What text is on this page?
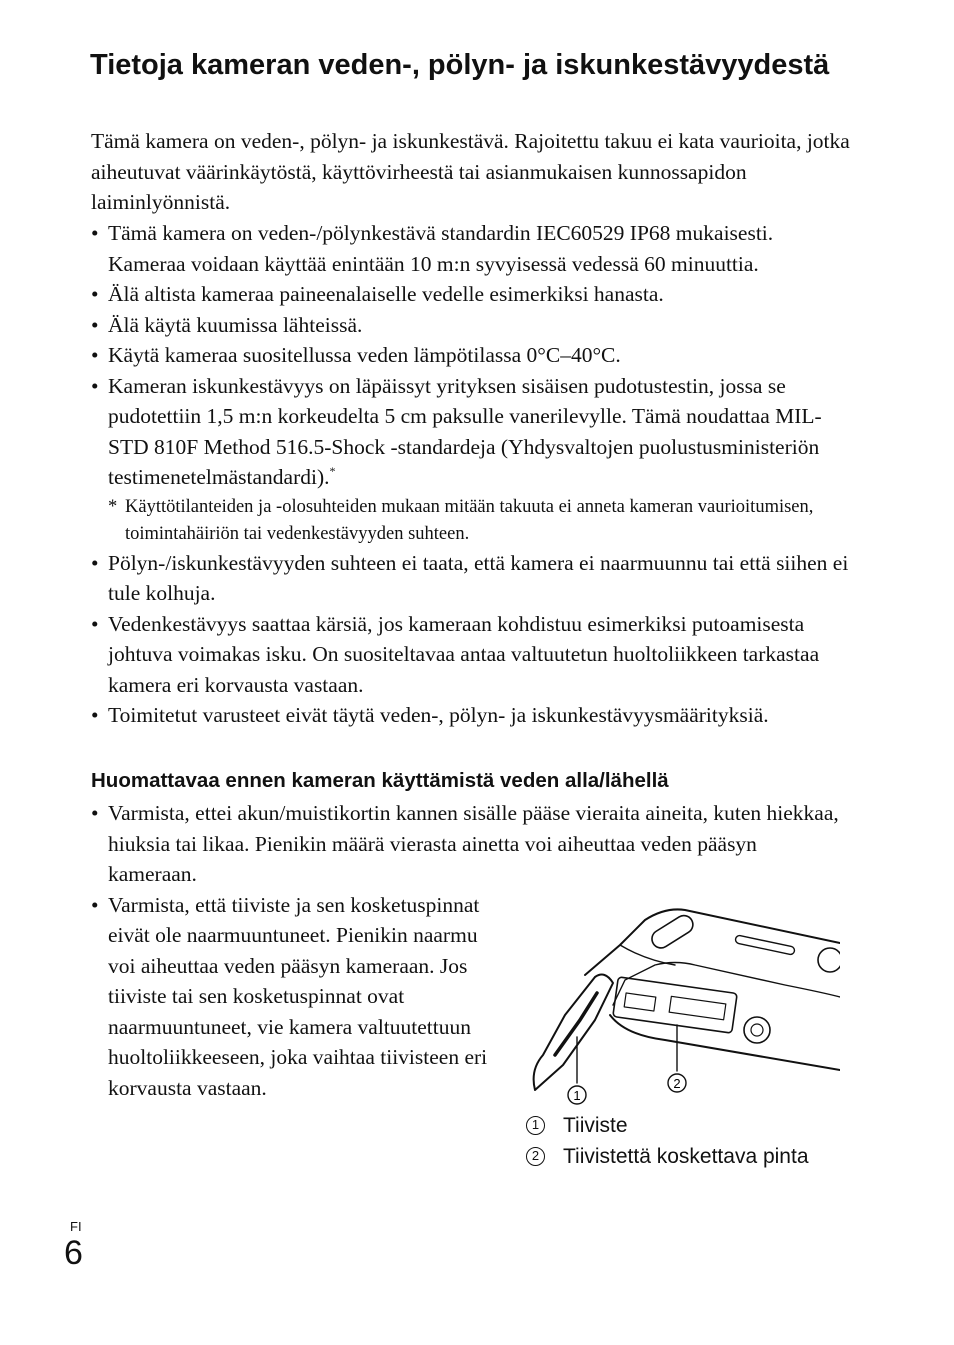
Tietoja kameran veden-, pölyn- ja iskunkestävyydestä

Tämä kamera on veden-, pölyn- ja iskunkestävä. Rajoitettu takuu ei kata vaurioita, jotka aiheutuvat väärinkäytöstä, käyttövirheestä tai asianmukaisen kunnossapidon laiminlyönnistä.

• Tämä kamera on veden-/pölynkestävä standardin IEC60529 IP68 mukaisesti. Kameraa voidaan käyttää enintään 10 m:n syvyisessä vedessä 60 minuuttia.
• Älä altista kameraa paineenalaiselle vedelle esimerkiksi hanasta.
• Älä käytä kuumissa lähteissä.
• Käytä kameraa suositellussa veden lämpötilassa 0°C–40°C.
• Kameran iskunkestävyys on läpäissyt yrityksen sisäisen pudotustestin, jossa se pudotettiin 1,5 m:n korkeudelta 5 cm paksulle vanerilevylle. Tämä noudattaa MIL-STD 810F Method 516.5-Shock -standardeja (Yhdysvaltojen puolustusministeriön testimenetelmästandardi).*
* Käyttötilanteiden ja -olosuhteiden mukaan mitään takuuta ei anneta kameran vaurioitumisen, toimintahäiriön tai vedenkestävyyden suhteen.
• Pölyn-/iskunkestävyyden suhteen ei taata, että kamera ei naarmuunnu tai että siihen ei tule kolhuja.
• Vedenkestävyys saattaa kärsiä, jos kameraan kohdistuu esimerkiksi putoamisesta johtuva voimakas isku. On suositeltavaa antaa valtuutetun huoltoliikkeen tarkastaa kamera eri korvausta vastaan.
• Toimitetut varusteet eivät täytä veden-, pölyn- ja iskunkestävyysmäärityksiä.
Huomattavaa ennen kameran käyttämistä veden alla/lähellä
• Varmista, ettei akun/muistikortin kannen sisälle pääse vieraita aineita, kuten hiekkaa, hiuksia tai likaa. Pienikin määrä vierasta ainetta voi aiheuttaa veden pääsyn kameraan.
• Varmista, että tiiviste ja sen kosketuspinnat eivät ole naarmuuntuneet. Pienikin naarmu voi aiheuttaa veden pääsyn kameraan. Jos tiiviste tai sen kosketuspinnat ovat naarmuuntuneet, vie kamera valtuutettuun huoltoliikkeeseen, joka vaihtaa tiivisteen eri korvausta vastaan.	1
2
1 Tiiviste
2 Tiivistettä koskettava pinta
FI
6
